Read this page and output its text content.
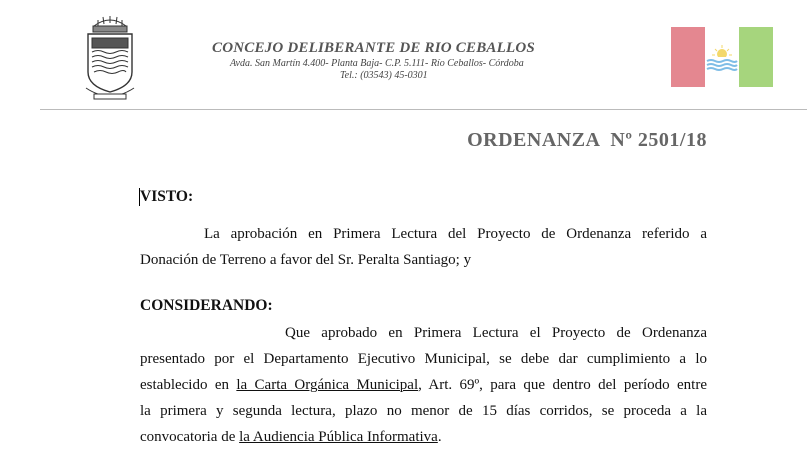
CONCEJO DELIBERANTE DE RIO CEBALLOS
Avda. San Martín 4.400- Planta Baja- C.P. 5.111- Río Ceballos- Córdoba
Tel.: (03543) 45-0301
ORDENANZA  Nº 2501/18
VISTO:
La aprobación en Primera Lectura del Proyecto de Ordenanza referido a
Donación de Terreno a favor del Sr. Peralta Santiago; y
CONSIDERANDO:
Que aprobado en Primera Lectura el Proyecto de Ordenanza
presentado por el Departamento Ejecutivo Municipal, se debe dar cumplimiento a lo
establecido en la Carta Orgánica Municipal, Art. 69º, para que dentro del período entre
la primera y segunda lectura, plazo no menor de 15 días corridos, se proceda a la
convocatoria de la Audiencia Pública Informativa.
